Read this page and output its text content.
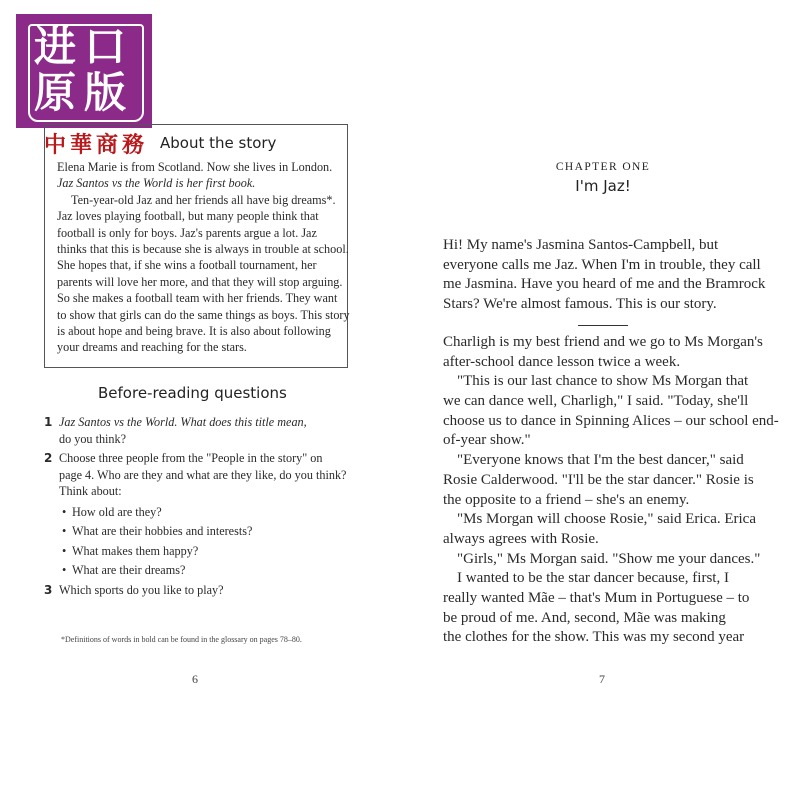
进口原版
中華商務 About the story
Elena Marie is from Scotland. Now she lives in London.
Jaz Santos vs the World is her first book.
Ten-year-old Jaz and her friends all have big dreams*.
Jaz loves playing football, but many people think that
football is only for boys. Jaz's parents argue a lot. Jaz
thinks that this is because she is always in trouble at school.
She hopes that, if she wins a football tournament, her
parents will love her more, and that they will stop arguing.
So she makes a football team with her friends. They want
to show that girls can do the same things as boys. This story
is about hope and being brave. It is also about following
your dreams and reaching for the stars.
Before-reading questions
1 Jaz Santos vs the World. What does this title mean,
do you think?
2 Choose three people from the "People in the story" on
page 4. Who are they and what are they like, do you think?
Think about:
• How old are they?
• What are their hobbies and interests?
• What makes them happy?
• What are their dreams?
3 Which sports do you like to play?
*Definitions of words in bold can be found in the glossary on pages 78–80.
6
CHAPTER ONE
I'm Jaz!
Hi! My name's Jasmina Santos-Campbell, but
everyone calls me Jaz. When I'm in trouble, they call
me Jasmina. Have you heard of me and the Bramrock
Stars? We're almost famous. This is our story.
Charligh is my best friend and we go to Ms Morgan's
after-school dance lesson twice a week.
"This is our last chance to show Ms Morgan that
we can dance well, Charligh," I said. "Today, she'll
choose us to dance in Spinning Alices – our school end-
of-year show."
"Everyone knows that I'm the best dancer," said
Rosie Calderwood. "I'll be the star dancer." Rosie is
the opposite to a friend – she's an enemy.
"Ms Morgan will choose Rosie," said Erica. Erica
always agrees with Rosie.
"Girls," Ms Morgan said. "Show me your dances."
I wanted to be the star dancer because, first, I
really wanted Mãe – that's Mum in Portuguese – to
be proud of me. And, second, Mãe was making
the clothes for the show. This was my second year
7
